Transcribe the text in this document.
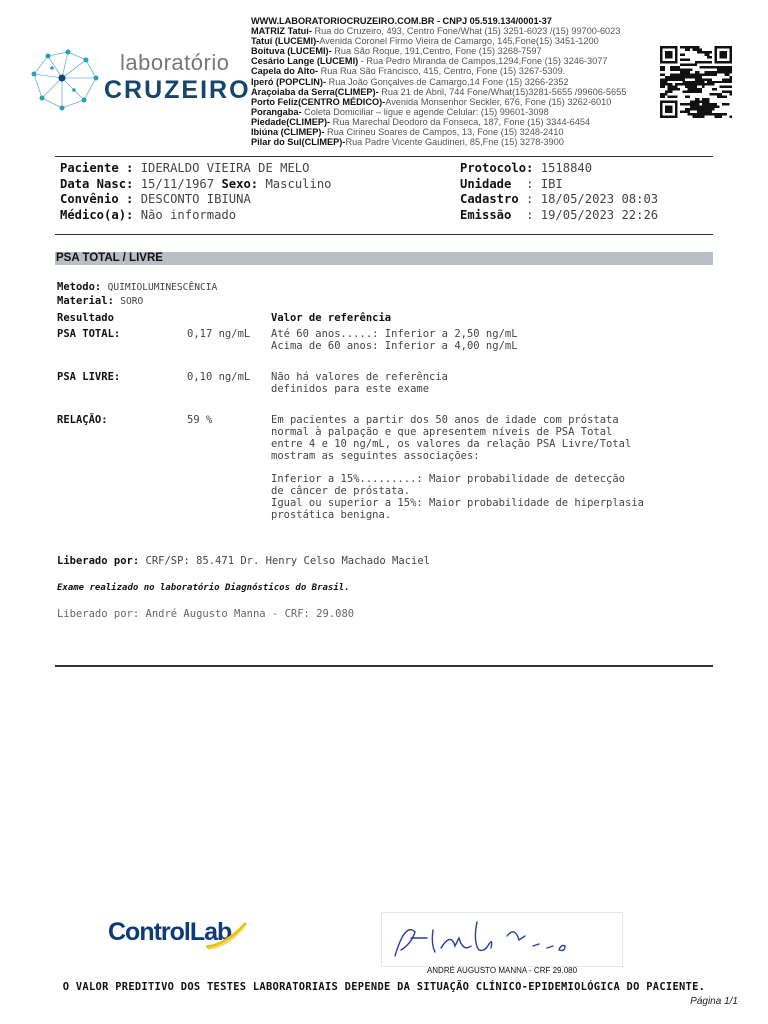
laboratório
CRUZEIRO
WWW.LABORATORIOCRUZEIRO.COM.BR - CNPJ 05.519.134/0001-37
MATRIZ Tatuí- Rua do Cruzeiro, 493, Centro Fone/What (15) 3251-6023 /(15) 99700-6023
Tatuí (LUCEMI)-Avenida Coronel Firmo Vieira de Camargo, 145,Fone(15) 3451-1200
Boituva (LUCEMI)- Rua São Roque, 191,Centro, Fone (15) 3268-7597
Cesário Lange (LUCEMI) - Rua Pedro Miranda de Campos,1294,Fone (15) 3246-3077
Capela do Alto- Rua Rua São Francisco, 415, Centro, Fone (15) 3267-5309.
Iperó (POPCLIN)- Rua João Gonçalves de Camargo,14 Fone (15) 3266-2352
Araçoiaba da Serra(CLIMEP)- Rua 21 de Abril, 744 Fone/What(15)3281-5655 /99606-5655
Porto Feliz(CENTRO MÉDICO)-Avenida Monsenhor Seckler, 676, Fone (15) 3262-6010
Porangaba- Coleta Domiciliar – ligue e agende Celular: (15) 99601-3098
Piedade(CLIMEP)- Rua Marechal Deodoro da Fonseca, 187, Fone (15) 3344-6454
Ibiúna (CLIMEP)- Rua Cirineu Soares de Campos, 13, Fone (15) 3248-2410
Pilar do Sul(CLIMEP)-Rua Padre Vicente Gaudineri, 85,Fne (15) 3278-3900
Paciente : IDERALDO VIEIRA DE MELO
Data Nasc: 15/11/1967 Sexo: Masculino
Convênio : DESCONTO IBIUNA
Médico(a): Não informado
Protocolo: 1518840
Unidade : IBI
Cadastro : 18/05/2023 08:03
Emissão : 19/05/2023 22:26
PSA TOTAL / LIVRE
Metodo: QUIMIOLUMINESCÊNCIA
Material: SORO
Resultado	Valor de referência
PSA TOTAL:	0,17 ng/mL Até 60 anos.....: Inferior a 2,50 ng/mL
Acima de 60 anos: Inferior a 4,00 ng/mL
PSA LIVRE:	0,10 ng/mL Não há valores de referência
definidos para este exame
RELAÇÃO:	59 %	Em pacientes a partir dos 50 anos de idade com próstata
normal à palpação e que apresentem níveis de PSA Total
entre 4 e 10 ng/mL, os valores da relação PSA Livre/Total
mostram as seguintes associações:
Inferior a 15%.........: Maior probabilidade de detecção
de câncer de próstata.
Igual ou superior a 15%: Maior probabilidade de hiperplasia
prostática benigna.
Liberado por: CRF/SP: 85.471 Dr. Henry Celso Machado Maciel
Exame realizado no laboratório Diagnósticos do Brasil.
Liberado por: André Augusto Manna - CRF: 29.080
ControlLab
ANDRÉ AUGUSTO MANNA - CRF 29.080
O VALOR PREDITIVO DOS TESTES LABORATORIAIS DEPENDE DA SITUAÇÃO CLÍNICO-EPIDEMIOLÓGICA DO PACIENTE.
Página 1/1
